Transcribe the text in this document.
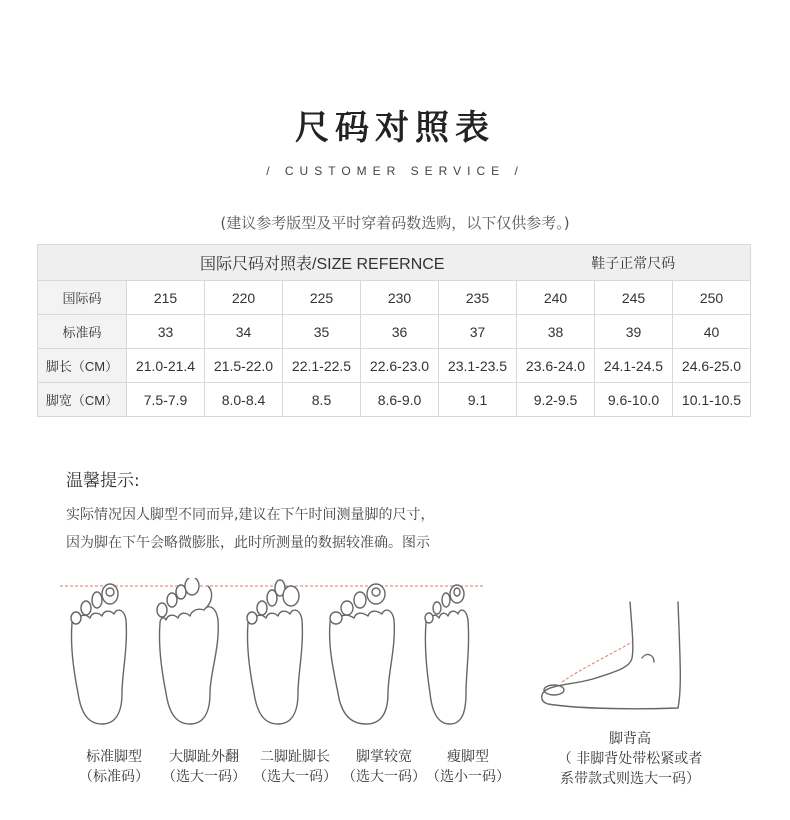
尺码对照表
/ CUSTOMER SERVICE /
(建议参考版型及平时穿着码数选购，以下仅供参考。)
国际尺码对照表/SIZE REFERNCE						鞋子正常尺码		
国际码	215	220	225	230	235	240	245	250
标准码	33	34	35	36	37	38	39	40
脚长（CM）	21.0-21.4	21.5-22.0	22.1-22.5	22.6-23.0	23.1-23.5	23.6-24.0	24.1-24.5	24.6-25.0
脚宽（CM）	7.5-7.9	8.0-8.4	8.5	8.6-9.0	9.1	9.2-9.5	9.6-10.0	10.1-10.5
温馨提示:
实际情况因人脚型不同而异,建议在下午时间测量脚的尺寸，
因为脚在下午会略微膨胀，此时所测量的数据较准确。图示
标准脚型
（标准码）
大脚趾外翻
（选大一码）
二脚趾脚长
（选大一码）
脚掌较宽
（选大一码）
瘦脚型
（选小一码）
脚背高
（ 非脚背处带松紧或者
系带款式则选大一码）
